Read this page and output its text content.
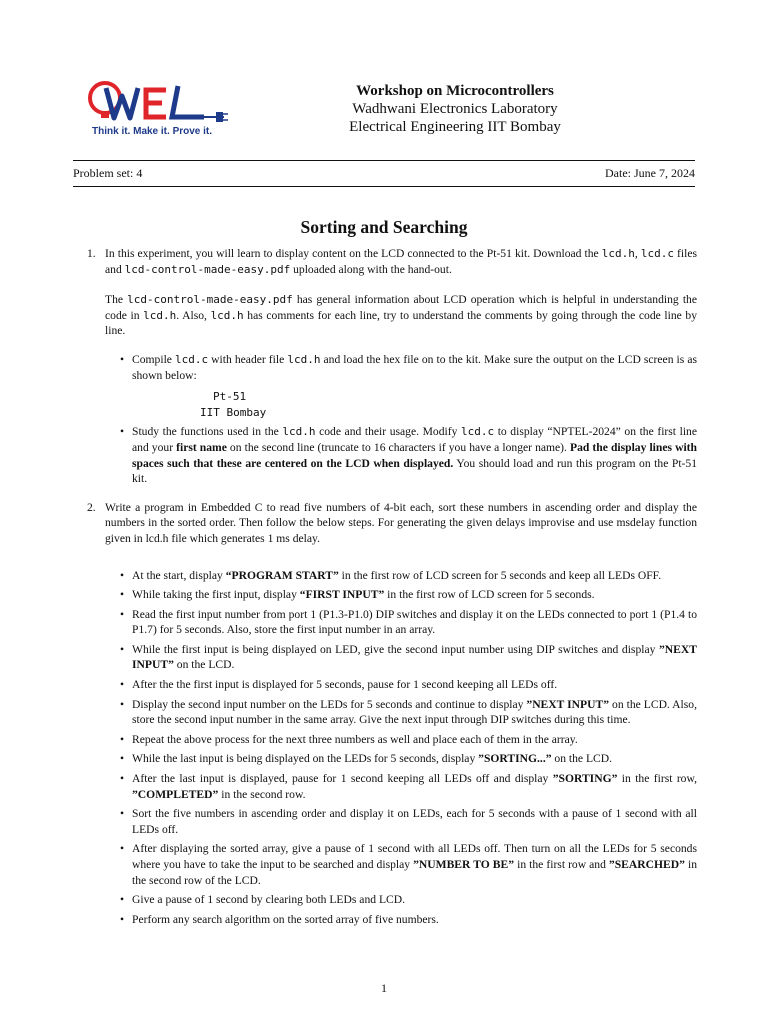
Think it. Make it. Prove it.
Workshop on Microcontrollers
Wadhwani Electronics Laboratory
Electrical Engineering IIT Bombay
Problem set: 4	Date: June 7, 2024
Sorting and Searching
1. In this experiment, you will learn to display content on the LCD connected to the Pt-51 kit. Download the lcd.h, lcd.c files and lcd-control-made-easy.pdf uploaded along with the hand-out.

The lcd-control-made-easy.pdf has general information about LCD operation which is helpful in understanding the code in lcd.h. Also, lcd.h has comments for each line, try to understand the comments by going through the code line by line.

• Compile lcd.c with header file lcd.h and load the hex file on to the kit. Make sure the output on the LCD screen is as shown below:

Pt-51
IIT Bombay
• Study the functions used in the lcd.h code and their usage. Modify lcd.c to display “NPTEL-2024” on the first line and your first name on the second line (truncate to 16 characters if you have a longer name). Pad the display lines with spaces such that these are centered on the LCD when displayed. You should load and run this program on the Pt-51 kit.

2. Write a program in Embedded C to read five numbers of 4-bit each, sort these numbers in ascending order and display the numbers in the sorted order. Then follow the below steps. For generating the given delays improvise and use msdelay function given in lcd.h file which generates 1 ms delay.

• At the start, display “PROGRAM START” in the first row of LCD screen for 5 seconds and keep all LEDs OFF.

• While taking the first input, display “FIRST INPUT” in the first row of LCD screen for 5 seconds.

• Read the first input number from port 1 (P1.3-P1.0) DIP switches and display it on the LEDs connected to port 1 (P1.4 to P1.7) for 5 seconds. Also, store the first input number in an array.

• While the first input is being displayed on LED, give the second input number using DIP switches and display ”NEXT INPUT” on the LCD.

• After the the first input is displayed for 5 seconds, pause for 1 second keeping all LEDs off.

• Display the second input number on the LEDs for 5 seconds and continue to display ”NEXT INPUT” on the LCD. Also, store the second input number in the same array. Give the next input through DIP switches during this time.

• Repeat the above process for the next three numbers as well and place each of them in the array.

• While the last input is being displayed on the LEDs for 5 seconds, display ”SORTING...” on the LCD.

• After the last input is displayed, pause for 1 second keeping all LEDs off and display ”SORTING” in the first row, ”COMPLETED” in the second row.

• Sort the five numbers in ascending order and display it on LEDs, each for 5 seconds with a pause of 1 second with all LEDs off.

• After displaying the sorted array, give a pause of 1 second with all LEDs off. Then turn on all the LEDs for 5 seconds where you have to take the input to be searched and display ”NUMBER TO BE” in the first row and ”SEARCHED” in the second row of the LCD.

• Give a pause of 1 second by clearing both LEDs and LCD.

• Perform any search algorithm on the sorted array of five numbers.

1
